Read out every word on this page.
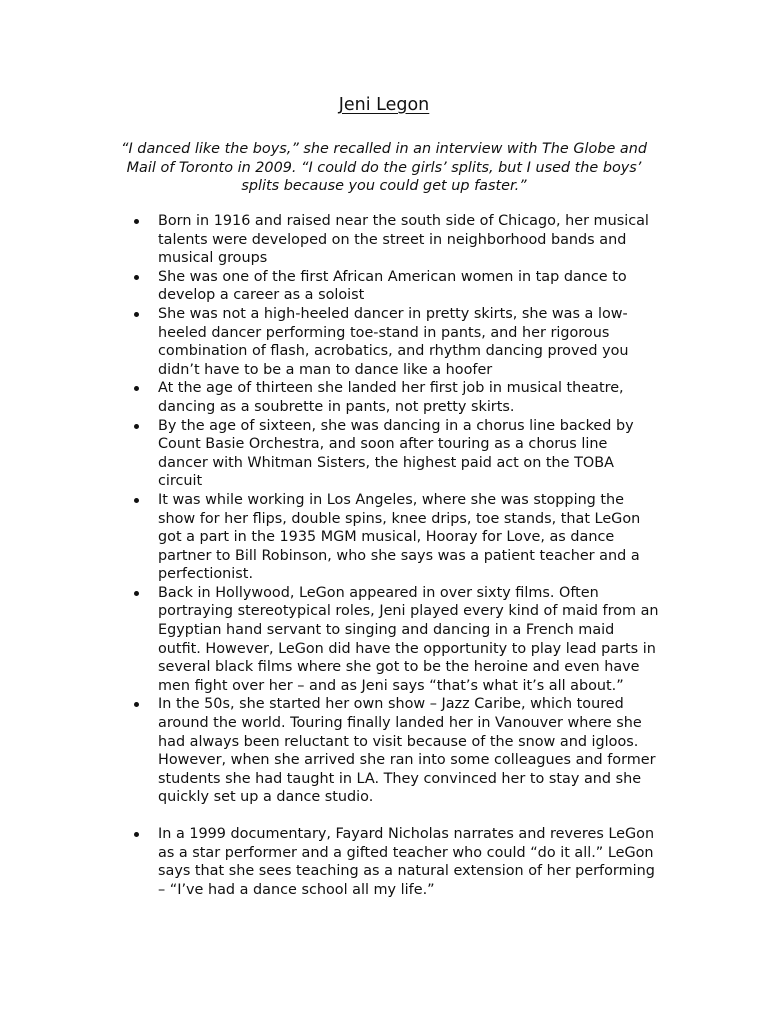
Jeni Legon

“I danced like the boys,” she recalled in an interview with The Globe and Mail of Toronto in 2009. “I could do the girls’ splits, but I used the boys’ splits because you could get up faster.”

Born in 1916 and raised near the south side of Chicago, her musical talents were developed on the street in neighborhood bands and musical groups
She was one of the first African American women in tap dance to develop a career as a soloist
She was not a high-heeled dancer in pretty skirts, she was a low-heeled dancer performing toe-stand in pants, and her rigorous combination of flash, acrobatics, and rhythm dancing proved you didn’t have to be a man to dance like a hoofer
At the age of thirteen she landed her first job in musical theatre, dancing as a soubrette in pants, not pretty skirts.
By the age of sixteen, she was dancing in a chorus line backed by Count Basie Orchestra, and soon after touring as a chorus line dancer with Whitman Sisters, the highest paid act on the TOBA circuit
It was while working in Los Angeles, where she was stopping the show for her flips, double spins, knee drips, toe stands, that LeGon got a part in the 1935 MGM musical, Hooray for Love, as dance partner to Bill Robinson, who she says was a patient teacher and a perfectionist.
Back in Hollywood, LeGon appeared in over sixty films. Often portraying stereotypical roles, Jeni played every kind of maid from an Egyptian hand servant to singing and dancing in a French maid outfit. However, LeGon did have the opportunity to play lead parts in several black films where she got to be the heroine and even have men fight over her – and as Jeni says “that’s what it’s all about.”
In the 50s, she started her own show – Jazz Caribe, which toured around the world. Touring finally landed her in Vanouver where she had always been reluctant to visit because of the snow and igloos. However, when she arrived she ran into some colleagues and former students she had taught in LA. They convinced her to stay and she quickly set up a dance studio.
In a 1999 documentary, Fayard Nicholas narrates and reveres LeGon as a star performer and a gifted teacher who could “do it all.” LeGon says that she sees teaching as a natural extension of her performing – “I’ve had a dance school all my life.”
